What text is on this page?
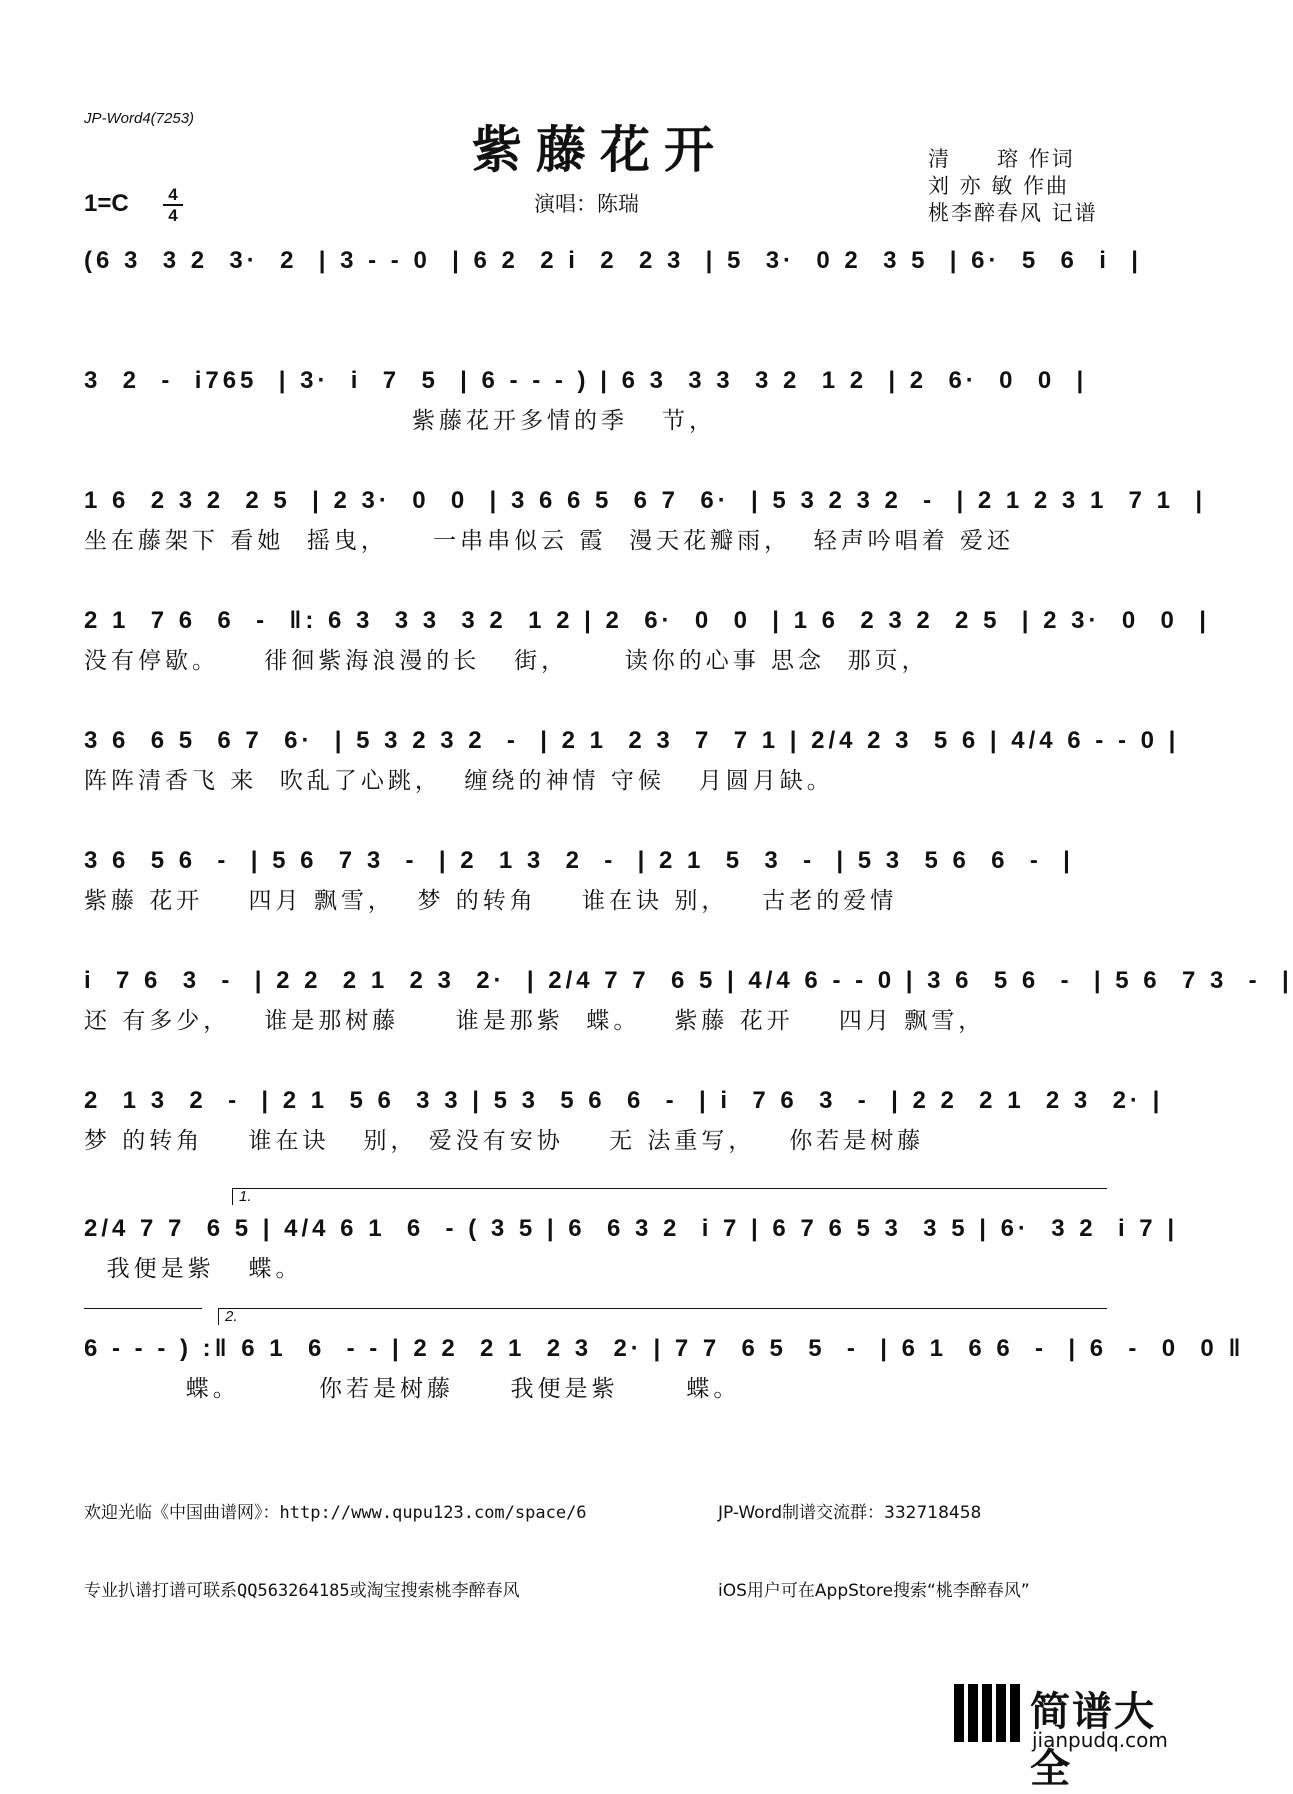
JP-Word4(7253)
紫藤花开	清　　瑢 作词
刘 亦 敏 作曲
桃李醉春风 记谱
1=C	4
4	演唱：陈瑞
(6 3  3 2  3·  2  | 3 - - 0  | 6 2  2 i  2  2 3  | 5  3·  0 2  3 5  | 6·  5  6  i  |
3  2  -  i765  | 3·  i  7  5  | 6 - - - ) | 6 3  3 3  3 2  1 2  | 2  6·  0  0  |
紫藤花开多情的季   节，
1 6  2 3 2  2 5  | 2 3·  0  0  | 3 6 6 5  6 7  6·  | 5 3 2 3 2  -  | 2 1 2 3 1  7 1  |
坐在藤架下 看她  摇曳，    一串串似云 霞  漫天花瓣雨，  轻声吟唱着 爱还
2 1  7 6  6  -  ‖: 6 3  3 3  3 2  1 2 | 2  6·  0  0  | 1 6  2 3 2  2 5  | 2 3·  0  0  |
没有停歇。    徘徊紫海浪漫的长   街，     读你的心事 思念  那页，
3 6  6 5  6 7  6·  | 5 3 2 3 2  -  | 2 1  2 3  7  7 1 | 2/4 2 3  5 6 | 4/4 6 - - 0 |
阵阵清香飞 来  吹乱了心跳，  缠绕的神情 守候   月圆月缺。
3 6  5 6  -  | 5 6  7 3  -  | 2  1 3  2  -  | 2 1  5  3  -  | 5 3  5 6  6  -  |
紫藤 花开    四月 飘雪，  梦 的转角    谁在诀 别，   古老的爱情
i  7 6  3  -  | 2 2  2 1  2 3  2·  | 2/4 7 7  6 5 | 4/4 6 - - 0 | 3 6  5 6  -  | 5 6  7 3  -  |
还 有多少，   谁是那树藤     谁是那紫  蝶。   紫藤 花开    四月 飘雪，
2  1 3  2  -  | 2 1  5 6  3 3 | 5 3  5 6  6  -  | i  7 6  3  -  | 2 2  2 1  2 3  2· |
梦 的转角    谁在诀   别， 爱没有安协    无 法重写，   你若是树藤
1.
2/4 7 7  6 5 | 4/4 6 1  6  - ( 3 5 | 6  6 3 2  i 7 | 6 7 6 5 3  3 5 | 6·  3 2  i 7 |
我便是紫   蝶。
2.
6 - - - ) :‖ 6 1  6  - - | 2 2  2 1  2 3  2· | 7 7  6 5  5  -  | 6 1  6 6  -  | 6  -  0  0 ‖
蝶。       你若是树藤     我便是紫      蝶。

欢迎光临《中国曲谱网》：http://www.qupu123.com/space/6

专业扒谱打谱可联系QQ563264185或淘宝搜索桃李醉春风

JP-Word制谱交流群：332718458

iOS用户可在AppStore搜索“桃李醉春风”

简谱大全
jianpudq.com
